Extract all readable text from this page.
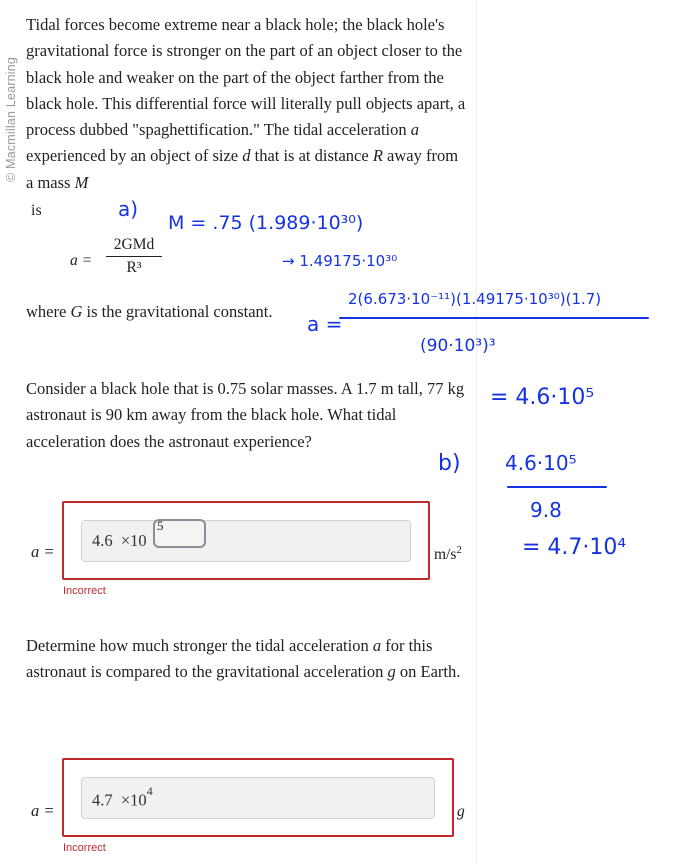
© Macmillan Learning
Tidal forces become extreme near a black hole; the black hole's gravitational force is stronger on the part of an object closer to the black hole and weaker on the part of the object farther from the black hole. This differential force will literally pull objects apart, a process dubbed "spaghettification." The tidal acceleration a experienced by an object of size d that is at distance R away from a mass M
is
a =
2GMd
R³
where G is the gravitational constant.
Consider a black hole that is 0.75 solar masses. A 1.7 m tall, 77 kg astronaut is 90 km away from the black hole. What tidal acceleration does the astronaut experience?
a =
4.6 ×10
5
$m/s^2$
Incorrect
Determine how much stronger the tidal acceleration a for this astronaut is compared to the gravitational acceleration g on Earth.
a =
$4.7 \times 10^4$
g
Incorrect
a)
M = .75 (1.989·10³⁰)
→ 1.49175·10³⁰
a =
2(6.673·10⁻¹¹)(1.49175·10³⁰)(1.7)
(90·10³)³
= 4.6·10⁵
b) 4.6·10⁵
9.8
= 4.7·10⁴
